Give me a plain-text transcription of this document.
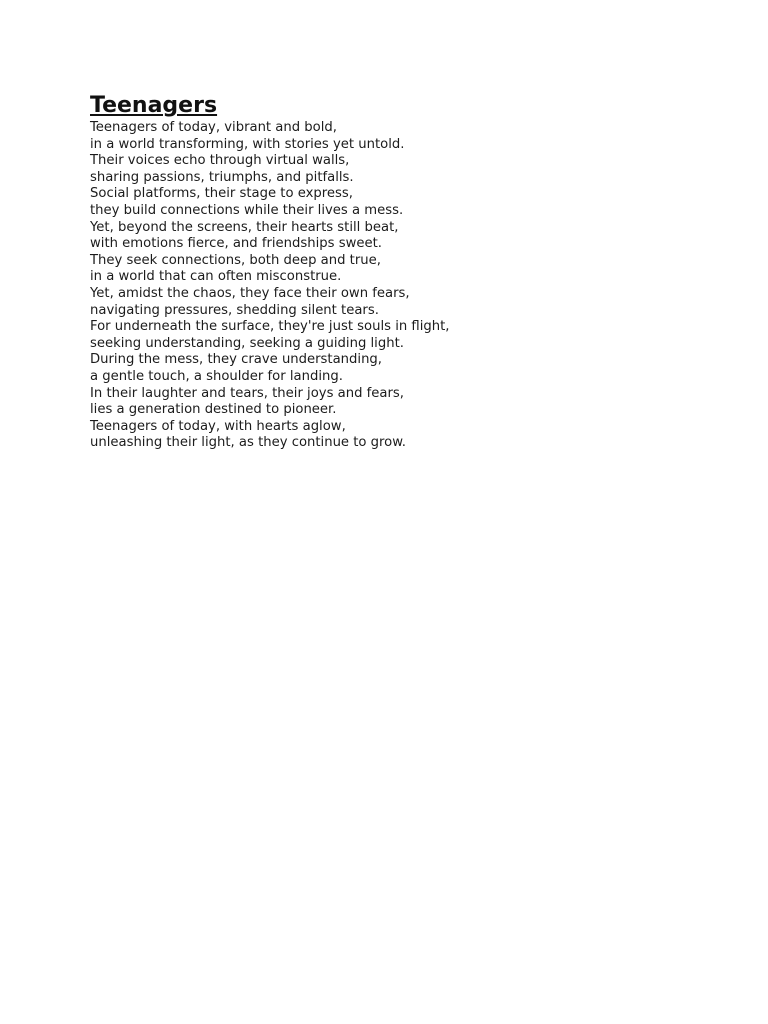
Teenagers
Teenagers of today, vibrant and bold,
in a world transforming, with stories yet untold.
Their voices echo through virtual walls,
sharing passions, triumphs, and pitfalls.
Social platforms, their stage to express,
they build connections while their lives a mess.
Yet, beyond the screens, their hearts still beat,
with emotions fierce, and friendships sweet.
They seek connections, both deep and true,
in a world that can often misconstrue.
Yet, amidst the chaos, they face their own fears,
navigating pressures, shedding silent tears.
For underneath the surface, they're just souls in flight,
seeking understanding, seeking a guiding light.
During the mess, they crave understanding,
a gentle touch, a shoulder for landing.
In their laughter and tears, their joys and fears,
lies a generation destined to pioneer.
Teenagers of today, with hearts aglow,
unleashing their light, as they continue to grow.
